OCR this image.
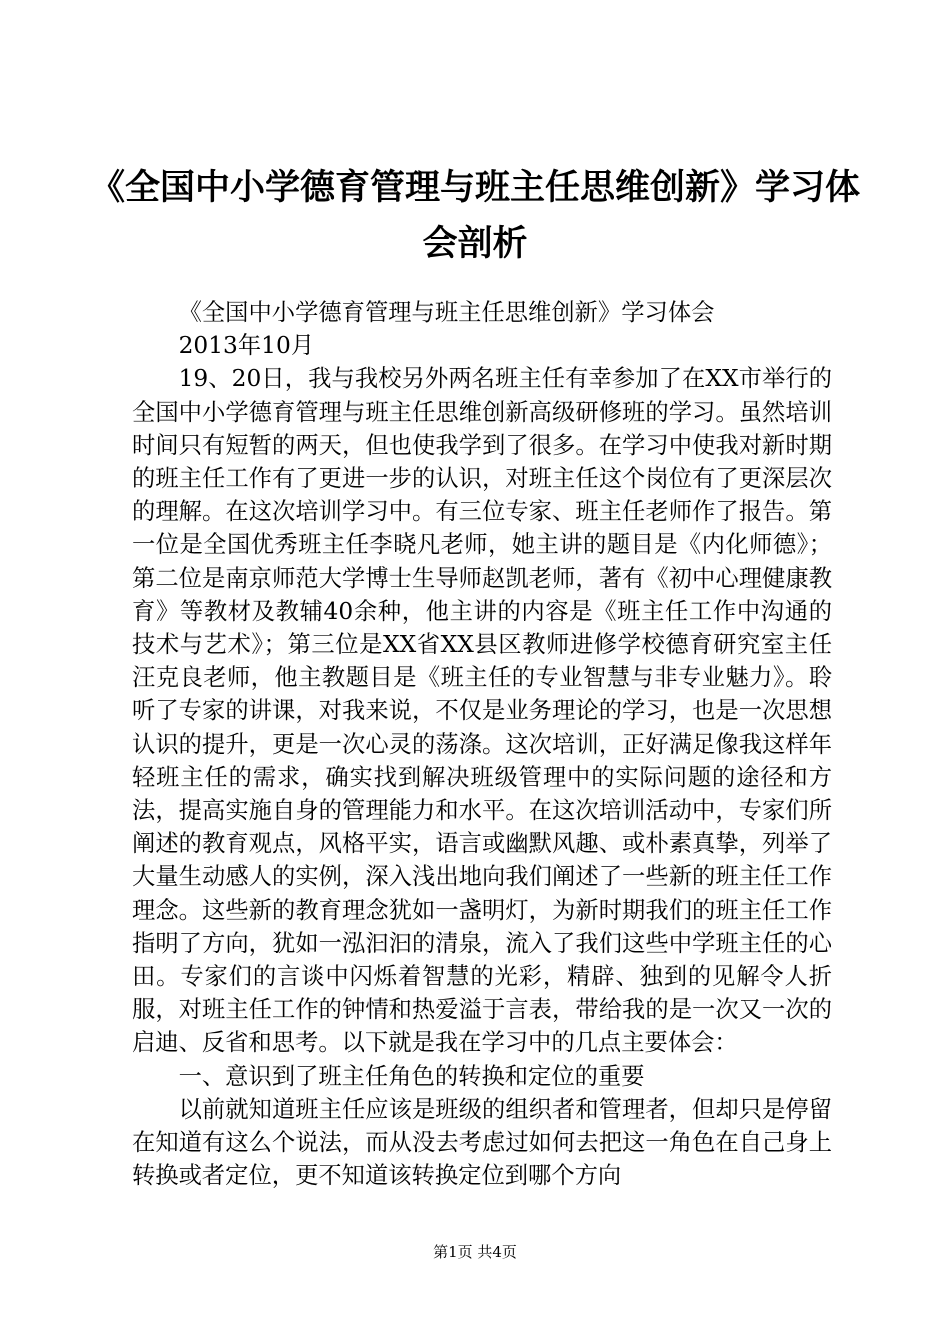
《全国中小学德育管理与班主任思维创新》学习体会剖析

《全国中小学德育管理与班主任思维创新》学习体会

2013年10月

19、20日，我与我校另外两名班主任有幸参加了在XX市举行的全国中小学德育管理与班主任思维创新高级研修班的学习。虽然培训时间只有短暂的两天，但也使我学到了很多。在学习中使我对新时期的班主任工作有了更进一步的认识，对班主任这个岗位有了更深层次的理解。在这次培训学习中。有三位专家、班主任老师作了报告。第一位是全国优秀班主任李晓凡老师，她主讲的题目是《内化师德》；第二位是南京师范大学博士生导师赵凯老师，著有《初中心理健康教育》等教材及教辅40余种，他主讲的内容是《班主任工作中沟通的技术与艺术》；第三位是XX省XX县区教师进修学校德育研究室主任汪克良老师，他主教题目是《班主任的专业智慧与非专业魅力》。聆听了专家的讲课，对我来说，不仅是业务理论的学习，也是一次思想认识的提升，更是一次心灵的荡涤。这次培训，正好满足像我这样年轻班主任的需求，确实找到解决班级管理中的实际问题的途径和方法，提高实施自身的管理能力和水平。在这次培训活动中，专家们所阐述的教育观点，风格平实，语言或幽默风趣、或朴素真挚，列举了大量生动感人的实例，深入浅出地向我们阐述了一些新的班主任工作理念。这些新的教育理念犹如一盏明灯，为新时期我们的班主任工作指明了方向，犹如一泓汩汩的清泉，流入了我们这些中学班主任的心田。专家们的言谈中闪烁着智慧的光彩，精辟、独到的见解令人折服，对班主任工作的钟情和热爱溢于言表，带给我的是一次又一次的启迪、反省和思考。以下就是我在学习中的几点主要体会：

一、意识到了班主任角色的转换和定位的重要

以前就知道班主任应该是班级的组织者和管理者，但却只是停留在知道有这么个说法，而从没去考虑过如何去把这一角色在自己身上转换或者定位，更不知道该转换定位到哪个方向

第1页 共4页
